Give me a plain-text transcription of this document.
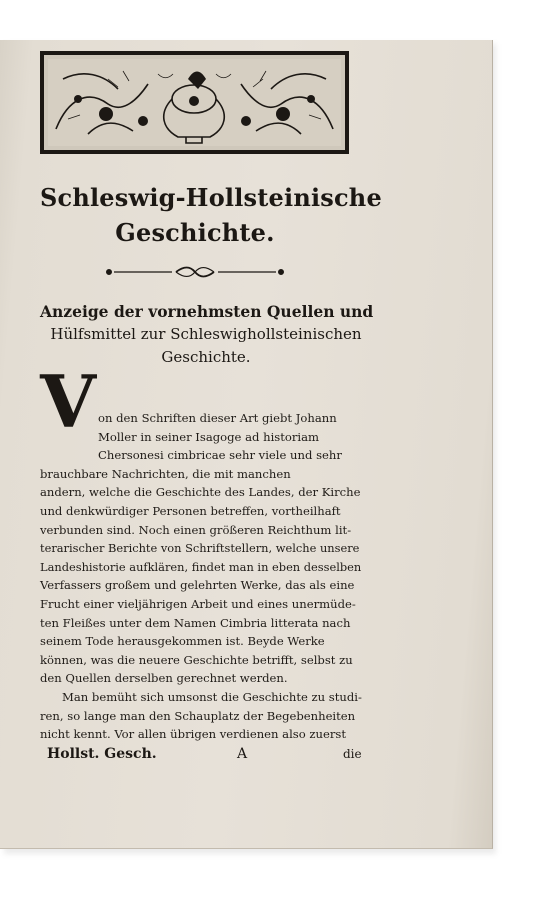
Schleswig-Hollsteinische
Geschichte.
Anzeige der vornehmsten Quellen und
Hülfsmittel zur Schleswighollsteinischen
Geschichte.
V on den Schriften dieser Art giebt Johann
Moller in seiner Isagoge ad historiam
Chersonesi cimbricae sehr viele und sehr
brauchbare Nachrichten, die mit manchen
andern, welche die Geschichte des Landes, der Kirche
und denkwürdiger Personen betreffen, vortheilhaft
verbunden sind. Noch einen größeren Reichthum lit-
terarischer Berichte von Schriftstellern, welche unsere
Landeshistorie aufklären, findet man in eben desselben
Verfassers großem und gelehrten Werke, das als eine
Frucht einer vieljährigen Arbeit und eines unermüde-
ten Fleißes unter dem Namen Cimbria litterata nach
seinem Tode herausgekommen ist. Beyde Werke
können, was die neuere Geschichte betrifft, selbst zu
den Quellen derselben gerechnet werden.
Man bemüht sich umsonst die Geschichte zu studi-
ren, so lange man den Schauplatz der Begebenheiten
nicht kennt. Vor allen übrigen verdienen also zuerst
Hollst. Gesch.	A	die
